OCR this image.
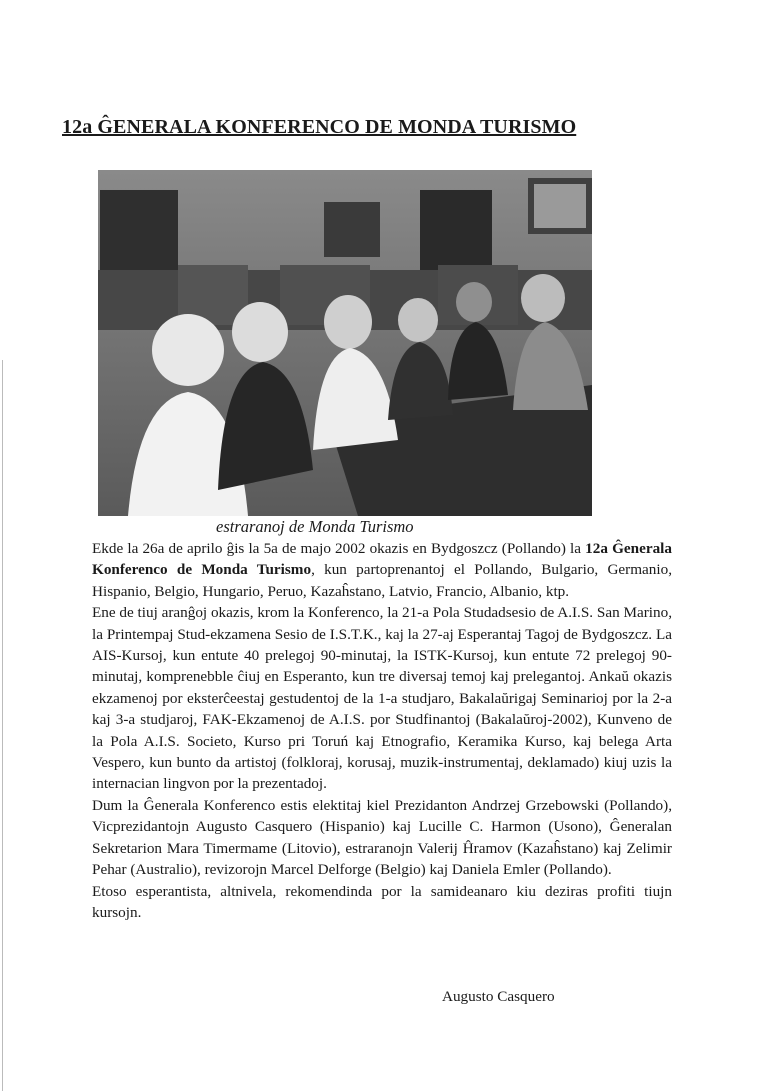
12a ĜENERALA KONFERENCO DE MONDA TURISMO
estraranoj de Monda Turismo

Ekde la 26a de aprilo ĝis la 5a de majo 2002 okazis en Bydgoszcz (Pollando) la 12a Ĝenerala Konferenco de Monda Turismo, kun partoprenantoj el Pollando, Bulgario, Germanio, Hispanio, Belgio, Hungario, Peruo, Kazaĥstano, Latvio, Francio, Albanio, ktp.

Ene de tiuj aranĝoj okazis, krom la Konferenco, la 21-a Pola Studadsesio de A.I.S. San Marino, la Printempaj Stud-ekzamena Sesio de I.S.T.K., kaj la 27-aj Esperantaj Tagoj de Bydgoszcz. La AIS-Kursoj, kun entute 40 prelegoj 90-minutaj, la ISTK-Kursoj, kun entute 72 prelegoj 90-minutaj, komprenebble ĉiuj en Esperanto, kun tre diversaj temoj kaj prelegantoj. Ankaŭ okazis ekzamenoj por eksterĉeestaj gestudentoj de la 1-a studjaro, Bakalaŭrigaj Seminarioj por la 2-a kaj 3-a studjaroj, FAK-Ekzamenoj de A.I.S. por Studfinantoj (Bakalaŭroj-2002), Kunveno de la Pola A.I.S. Societo, Kurso pri Toruń kaj Etnografio, Keramika Kurso, kaj belega Arta Vespero, kun bunto da artistoj (folkloraj, korusaj, muzik-instrumentaj, deklamado) kiuj uzis la internacian lingvon por la prezentadoj.

Dum la Ĝenerala Konferenco estis elektitaj kiel Prezidanton Andrzej Grzebowski (Pollando), Vicprezidantojn Augusto Casquero (Hispanio) kaj Lucille C. Harmon (Usono), Ĝeneralan Sekretarion Mara Timermame (Litovio), estraranojn Valerij Ĥramov (Kazaĥstano) kaj Zelimir Pehar (Australio), revizorojn Marcel Delforge (Belgio) kaj Daniela Emler (Pollando).

Etoso esperantista, altnivela, rekomendinda por la samideanaro kiu deziras profiti tiujn kursojn.

Augusto Casquero
